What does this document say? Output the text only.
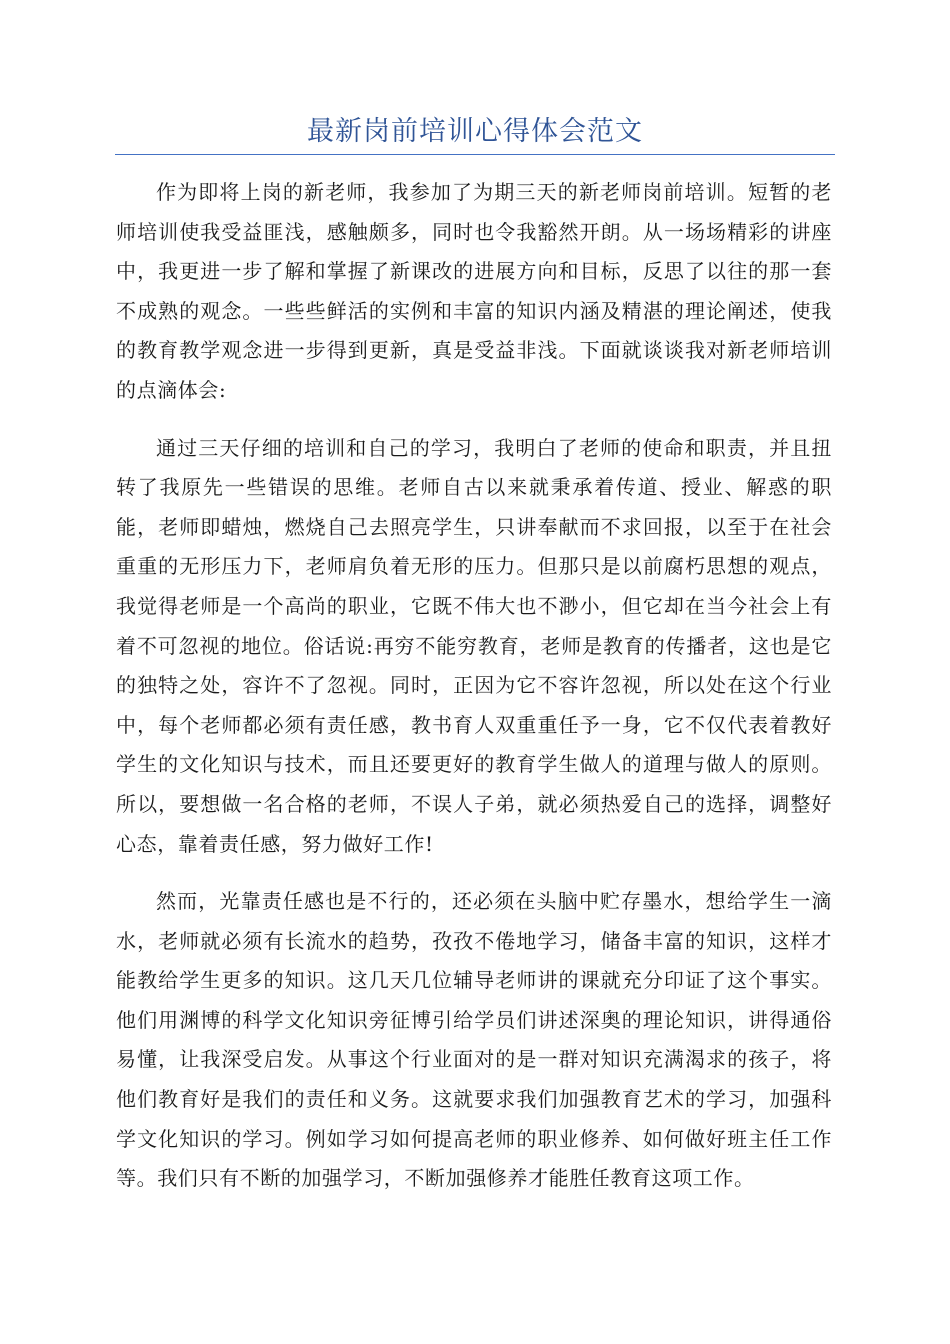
最新岗前培训心得体会范文

作为即将上岗的新老师，我参加了为期三天的新老师岗前培训。短暂的老师培训使我受益匪浅，感触颇多，同时也令我豁然开朗。从一场场精彩的讲座中，我更进一步了解和掌握了新课改的进展方向和目标，反思了以往的那一套不成熟的观念。一些些鲜活的实例和丰富的知识内涵及精湛的理论阐述，使我的教育教学观念进一步得到更新，真是受益非浅。下面就谈谈我对新老师培训的点滴体会:

通过三天仔细的培训和自己的学习，我明白了老师的使命和职责，并且扭转了我原先一些错误的思维。老师自古以来就秉承着传道、授业、解惑的职能，老师即蜡烛，燃烧自己去照亮学生，只讲奉献而不求回报，以至于在社会重重的无形压力下，老师肩负着无形的压力。但那只是以前腐朽思想的观点，我觉得老师是一个高尚的职业，它既不伟大也不渺小，但它却在当今社会上有着不可忽视的地位。俗话说:再穷不能穷教育，老师是教育的传播者，这也是它的独特之处，容许不了忽视。同时，正因为它不容许忽视，所以处在这个行业中，每个老师都必须有责任感，教书育人双重重任予一身，它不仅代表着教好学生的文化知识与技术，而且还要更好的教育学生做人的道理与做人的原则。所以，要想做一名合格的老师，不误人子弟，就必须热爱自己的选择，调整好心态，靠着责任感，努力做好工作!

然而，光靠责任感也是不行的，还必须在头脑中贮存墨水，想给学生一滴水，老师就必须有长流水的趋势，孜孜不倦地学习，储备丰富的知识，这样才能教给学生更多的知识。这几天几位辅导老师讲的课就充分印证了这个事实。他们用渊博的科学文化知识旁征博引给学员们讲述深奥的理论知识，讲得通俗易懂，让我深受启发。从事这个行业面对的是一群对知识充满渴求的孩子，将他们教育好是我们的责任和义务。这就要求我们加强教育艺术的学习，加强科学文化知识的学习。例如学习如何提高老师的职业修养、如何做好班主任工作等。我们只有不断的加强学习，不断加强修养才能胜任教育这项工作。
